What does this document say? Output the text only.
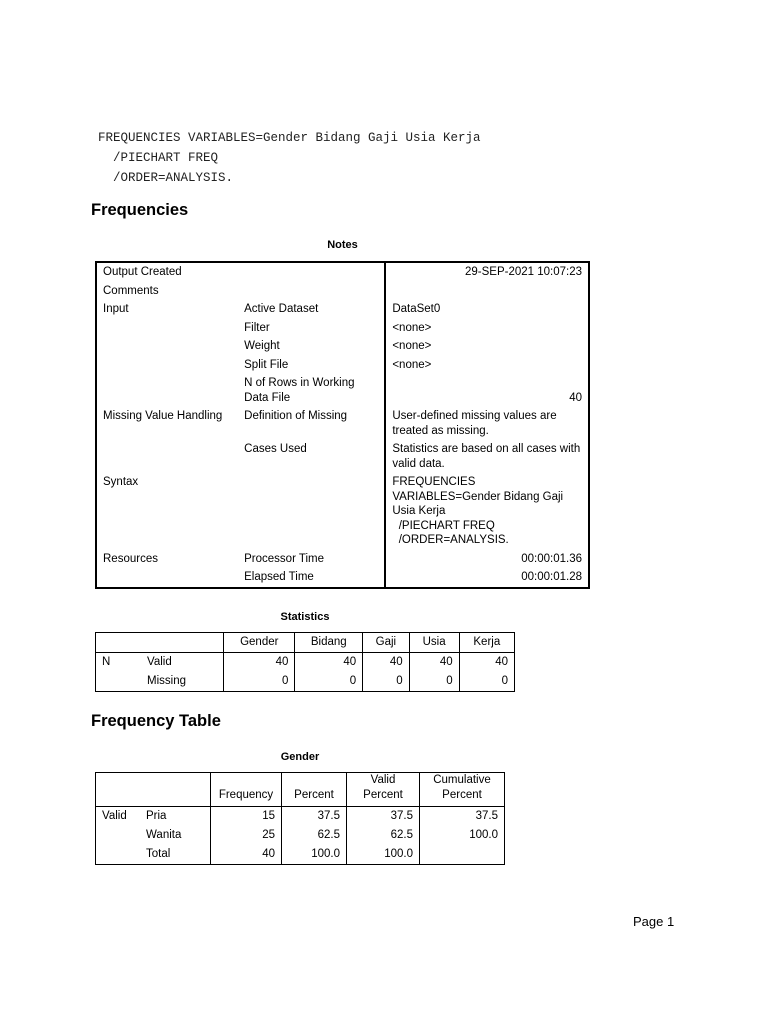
FREQUENCIES VARIABLES=Gender Bidang Gaji Usia Kerja
/PIECHART FREQ
/ORDER=ANALYSIS.
Frequencies
Notes
Output Created		29-SEP-2021 10:07:23
Comments		
Input	Active Dataset	DataSet0
	Filter	<none>
	Weight	<none>
	Split File	<none>
	N of Rows in Working Data File	40
Missing Value Handling	Definition of Missing	User-defined missing values are treated as missing.
	Cases Used	Statistics are based on all cases with valid data.
Syntax		FREQUENCIES
VARIABLES=Gender Bidang Gaji
Usia Kerja
/PIECHART FREQ
/ORDER=ANALYSIS.
Resources	Processor Time	00:00:01.36
	Elapsed Time	00:00:01.28
Statistics
		Gender	Bidang	Gaji	Usia	Kerja
N	Valid	40	40	40	40	40
	Missing	0	0	0	0	0
Frequency Table
Gender
		Frequency	Percent	Valid Percent	Cumulative Percent
Valid	Pria	15	37.5	37.5	37.5
	Wanita	25	62.5	62.5	100.0
	Total	40	100.0	100.0	
Page 1
